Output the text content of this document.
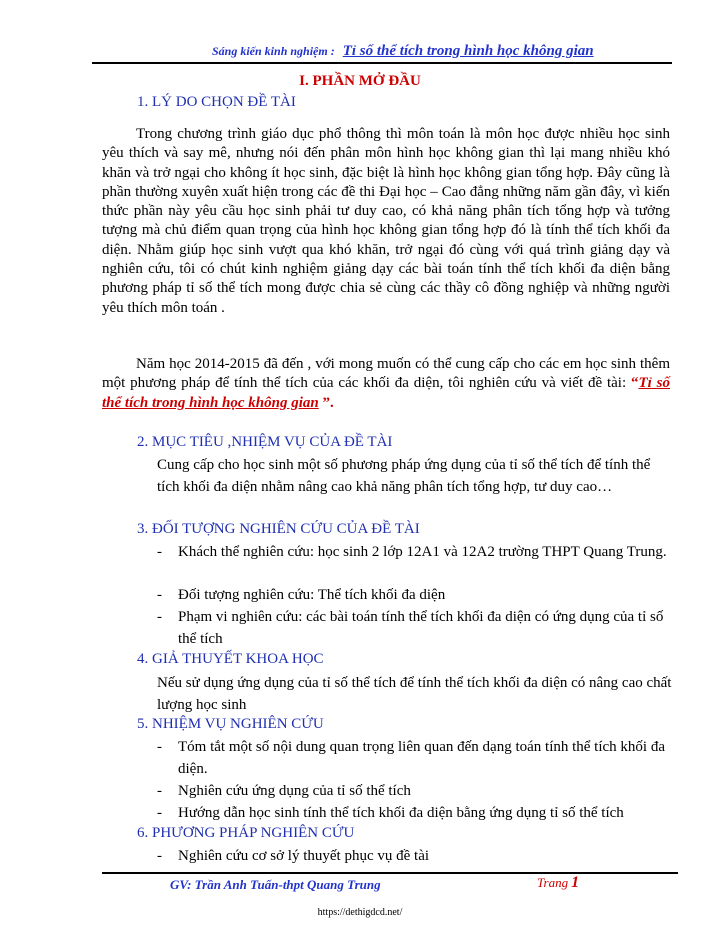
Sáng kiến kinh nghiệm : Tỉ số thể tích trong hình học không gian
I. PHẦN MỞ ĐẦU
1. LÝ DO CHỌN ĐỀ TÀI

Trong chương trình giáo dục phổ thông thì môn toán là môn học được nhiều học sinh yêu thích và say mê, nhưng nói đến phân môn hình học không gian thì lại mang nhiều khó khăn và trở ngại cho không ít học sinh, đặc biệt là hình học không gian tổng hợp. Đây cũng là phần thường xuyên xuất hiện trong các đề thi Đại học – Cao đẳng những năm gần đây, vì kiến thức phần này yêu cầu học sinh phải tư duy cao, có khả năng phân tích tổng hợp và tưởng tượng mà chủ điểm quan trọng của hình học không gian tổng hợp đó là tính thể tích khối đa diện. Nhằm giúp học sinh vượt qua khó khăn, trở ngại đó cùng với quá trình giảng dạy và nghiên cứu, tôi có chút kinh nghiệm giảng dạy các bài toán tính thể tích khối đa diện bằng phương pháp tỉ số thể tích mong được chia sẻ cùng các thầy cô đồng nghiệp và những người yêu thích môn toán .

Năm học 2014-2015 đã đến , với mong muốn có thể cung cấp cho các em học sinh thêm một phương pháp để tính thể tích của các khối đa diện, tôi nghiên cứu và viết đề tài: “Tỉ số thể tích trong hình học không gian ”.

2. MỤC TIÊU ,NHIỆM VỤ CỦA ĐỀ TÀI

Cung cấp cho học sinh một số phương pháp ứng dụng của tỉ số thể tích để tính thể tích khối đa diện nhằm nâng cao khả năng phân tích tổng hợp, tư duy cao…

3. ĐỐI TƯỢNG NGHIÊN CỨU CỦA ĐỀ TÀI
- Khách thể nghiên cứu: học sinh 2 lớp 12A1 và 12A2 trường THPT Quang Trung.
- Đối tượng nghiên cứu: Thể tích khối đa diện
- Phạm vi nghiên cứu: các bài toán tính thể tích khối đa diện có ứng dụng của tỉ số thể tích
4. GIẢ THUYẾT KHOA HỌC

Nếu sử dụng ứng dụng của tỉ số thể tích để tính thể tích khối đa diện có nâng cao chất lượng học sinh

5. NHIỆM VỤ NGHIÊN CỨU
- Tóm tắt một số nội dung quan trọng liên quan đến dạng toán tính thể tích khối đa diện.
- Nghiên cứu ứng dụng của tỉ số thể tích
- Hướng dẫn học sinh tính thể tích khối đa diện bằng ứng dụng tỉ số thể tích
6. PHƯƠNG PHÁP NGHIÊN CỨU
- Nghiên cứu cơ sở lý thuyết phục vụ đề tài
GV: Trần Anh Tuấn-thpt Quang Trung	Trang 1
https://dethigdcd.net/
